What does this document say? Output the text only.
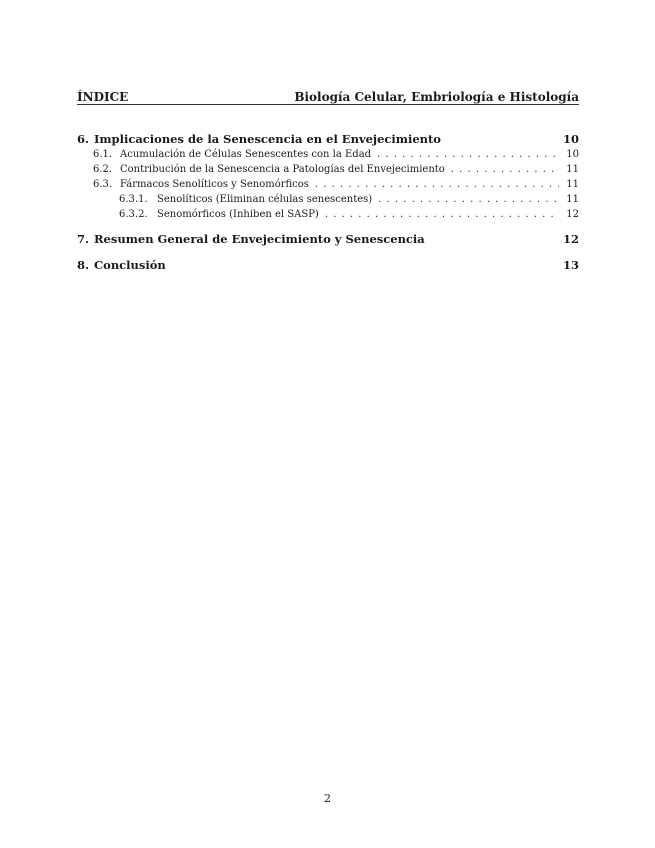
ÍNDICE	Biología Celular, Embriología e Histología
6. Implicaciones de la Senescencia en el Envejecimiento	10
6.1. Acumulación de Células Senescentes con la Edad . . .	10
6.2. Contribución de la Senescencia a Patologías del Envejecimiento . . .	11
6.3. Fármacos Senolíticos y Senomórficos . . .	11
6.3.1. Senolíticos (Eliminan células senescentes) . . .	11
6.3.2. Senomórficos (Inhiben el SASP) . . .	12
7. Resumen General de Envejecimiento y Senescencia	12
8. Conclusión	13
2
